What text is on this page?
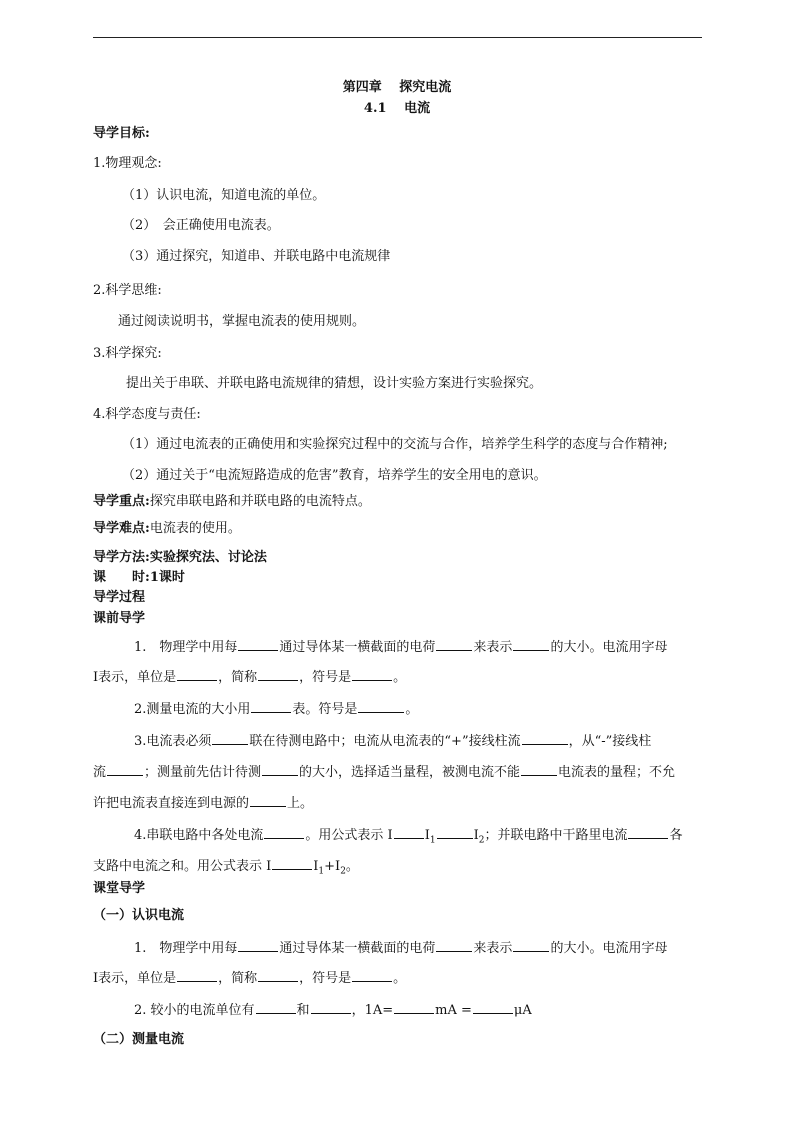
第四章　 探究电流
4.1　 电流
导学目标:
1.物理观念:
（1）认识电流，知道电流的单位。
（2）　会正确使用电流表。
（3）通过探究，知道串、并联电路中电流规律
2.科学思维:
通过阅读说明书，掌握电流表的使用规则。
3.科学探究:
提出关于串联、并联电路电流规律的猜想，设计实验方案进行实验探究。
4.科学态度与责任:
（1）通过电流表的正确使用和实验探究过程中的交流与合作，培养学生科学的态度与合作精神;
（2）通过关于“电流短路造成的危害”教育，培养学生的安全用电的意识。
导学重点:探究串联电路和并联电路的电流特点。
导学难点:电流表的使用。
导学方法:实验探究法、讨论法
课　　时:1课时
导学过程
课前导学
1.　物理学中用每	通过导体某一横截面的电荷	来表示	的大小。电流用字母
I表示，单位是	，简称	，符号是	。
2.测量电流的大小用	表。符号是	。
3.电流表必须	联在待测电路中；电流从电流表的“+”接线柱流	，从“-”接线柱
流	；测量前先估计待测	的大小，选择适当量程，被测电流不能	电流表的量程；不允
许把电流表直接连到电源的	上。
4.串联电路中各处电流	。用公式表示 I $I_1$	$I_2$；并联电路中干路里电流	各
支路中电流之和。用公式表示 I	$I_1+I_2$。
课堂导学
（一）认识电流
1.　物理学中用每	通过导体某一横截面的电荷	来表示	的大小。电流用字母
I表示，单位是	，简称	，符号是	。
2. 较小的电流单位有	和	，1A=	mA =	μA
（二）测量电流
